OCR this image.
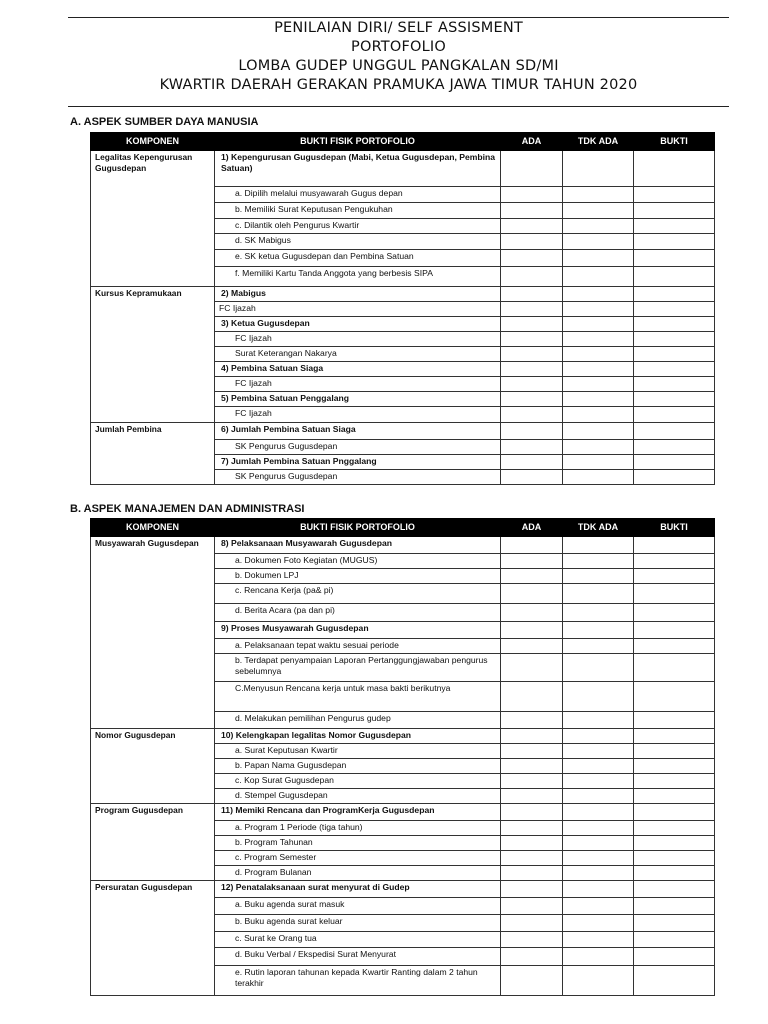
PENILAIAN DIRI/ SELF ASSISMENT
PORTOFOLIO
LOMBA GUDEP UNGGUL PANGKALAN SD/MI
KWARTIR DAERAH GERAKAN PRAMUKA JAWA TIMUR TAHUN 2020
A. ASPEK SUMBER DAYA MANUSIA
KOMPONEN	BUKTI FISIK PORTOFOLIO	ADA	TDK ADA	BUKTI
Legalitas Kepengurusan Gugusdepan	1) Kepengurusan Gugusdepan (Mabi, Ketua Gugusdepan, Pembina Satuan)			
	a. Dipilih melalui musyawarah Gugus depan			
	b. Memiliki Surat Keputusan Pengukuhan			
	c. Dilantik oleh Pengurus Kwartir			
	d. SK Mabigus			
	e. SK ketua Gugusdepan dan Pembina Satuan			
	f. Memiliki Kartu Tanda Anggota yang berbesis SIPA			
Kursus Kepramukaan	2) Mabigus			
	FC Ijazah			
	3) Ketua Gugusdepan			
	FC Ijazah			
	Surat Keterangan Nakarya			
	4) Pembina Satuan Siaga			
	FC Ijazah			
	5) Pembina Satuan Penggalang			
	FC Ijazah			
Jumlah Pembina	6) Jumlah Pembina Satuan Siaga			
	SK Pengurus Gugusdepan			
	7) Jumlah Pembina Satuan Pnggalang			
	SK Pengurus Gugusdepan			
B. ASPEK MANAJEMEN DAN ADMINISTRASI
KOMPONEN	BUKTI FISIK PORTOFOLIO	ADA	TDK ADA	BUKTI
Musyawarah Gugusdepan	8) Pelaksanaan Musyawarah Gugusdepan			
	a. Dokumen Foto Kegiatan (MUGUS)			
	b. Dokumen LPJ			
	c. Rencana Kerja (pa& pi)			
	d. Berita Acara (pa dan pi)			
	9) Proses Musyawarah Gugusdepan			
	a. Pelaksanaan tepat waktu sesuai periode			
	b. Terdapat penyampaian Laporan Pertanggungjawaban pengurus sebelumnya			
	C.Menyusun Rencana kerja untuk masa bakti berikutnya			
	d. Melakukan pemilihan Pengurus gudep			
Nomor Gugusdepan	10) Kelengkapan legalitas Nomor Gugusdepan			
	a. Surat Keputusan Kwartir			
	b. Papan Nama Gugusdepan			
	c. Kop Surat Gugusdepan			
	d. Stempel Gugusdepan			
Program Gugusdepan	11) Memiki Rencana dan ProgramKerja Gugusdepan			
	a. Program 1 Periode (tiga tahun)			
	b. Program Tahunan			
	c. Program Semester			
	d. Program Bulanan			
Persuratan Gugusdepan	12) Penatalaksanaan surat menyurat di Gudep			
	a. Buku agenda surat masuk			
	b. Buku agenda surat keluar			
	c. Surat ke Orang tua			
	d. Buku Verbal / Ekspedisi Surat Menyurat			
	e. Rutin laporan tahunan kepada Kwartir Ranting dalam 2 tahun terakhir			
